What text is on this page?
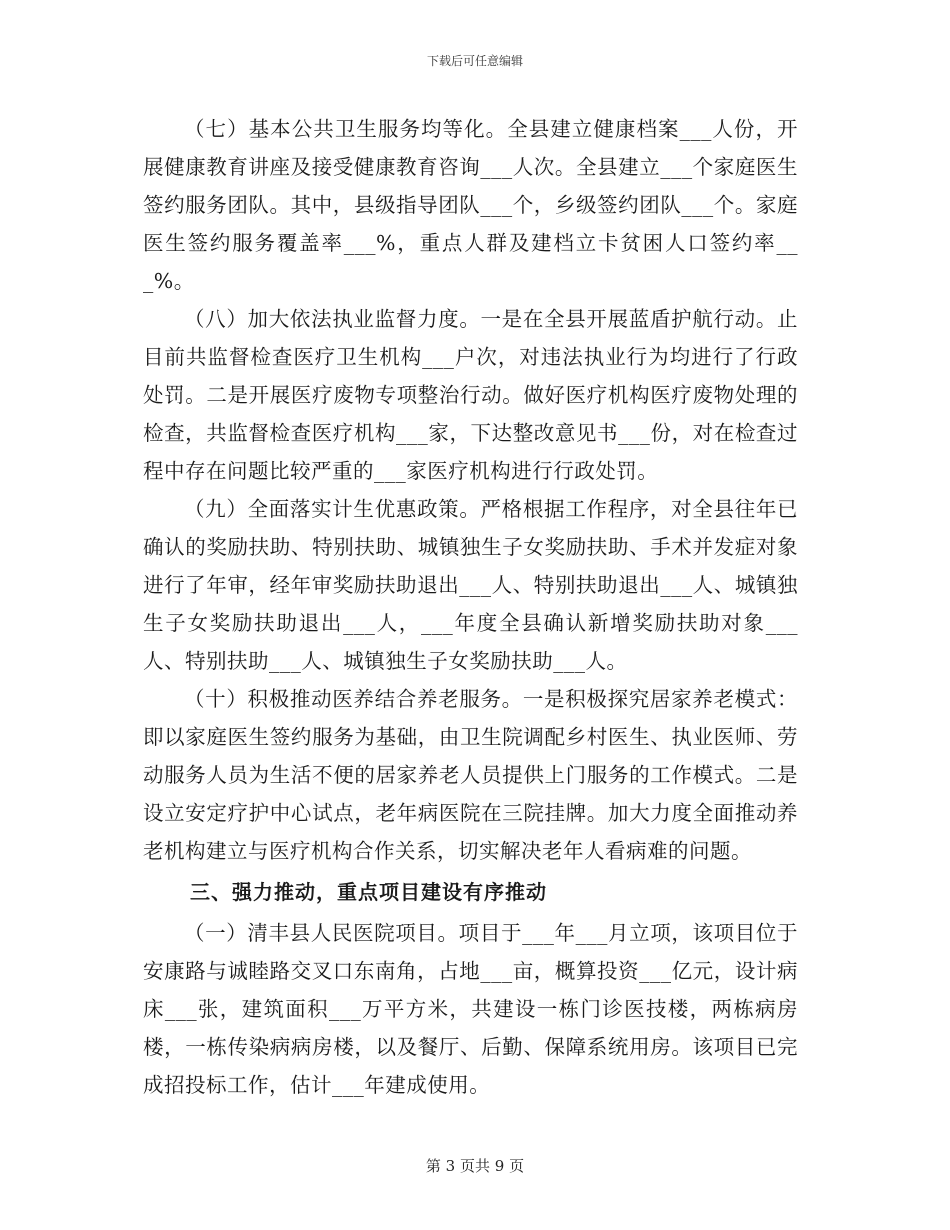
下载后可任意编辑

（七）基本公共卫生服务均等化。全县建立健康档案___人份，开展健康教育讲座及接受健康教育咨询___人次。全县建立___个家庭医生签约服务团队。其中，县级指导团队___个，乡级签约团队___个。家庭医生签约服务覆盖率___%，重点人群及建档立卡贫困人口签约率___%。

（八）加大依法执业监督力度。一是在全县开展蓝盾护航行动。止目前共监督检查医疗卫生机构___户次，对违法执业行为均进行了行政处罚。二是开展医疗废物专项整治行动。做好医疗机构医疗废物处理的检查，共监督检查医疗机构___家，下达整改意见书___份，对在检查过程中存在问题比较严重的___家医疗机构进行行政处罚。

（九）全面落实计生优惠政策。严格根据工作程序，对全县往年已确认的奖励扶助、特别扶助、城镇独生子女奖励扶助、手术并发症对象进行了年审，经年审奖励扶助退出___人、特别扶助退出___人、城镇独生子女奖励扶助退出___人，___年度全县确认新增奖励扶助对象___人、特别扶助___人、城镇独生子女奖励扶助___人。

（十）积极推动医养结合养老服务。一是积极探究居家养老模式：即以家庭医生签约服务为基础，由卫生院调配乡村医生、执业医师、劳动服务人员为生活不便的居家养老人员提供上门服务的工作模式。二是设立安定疗护中心试点，老年病医院在三院挂牌。加大力度全面推动养老机构建立与医疗机构合作关系，切实解决老年人看病难的问题。

三、强力推动，重点项目建设有序推动

（一）清丰县人民医院项目。项目于___年___月立项，该项目位于安康路与诚睦路交叉口东南角，占地___亩，概算投资___亿元，设计病床___张，建筑面积___万平方米，共建设一栋门诊医技楼，两栋病房楼，一栋传染病病房楼，以及餐厅、后勤、保障系统用房。该项目已完成招投标工作，估计___年建成使用。

第 3 页共 9 页
